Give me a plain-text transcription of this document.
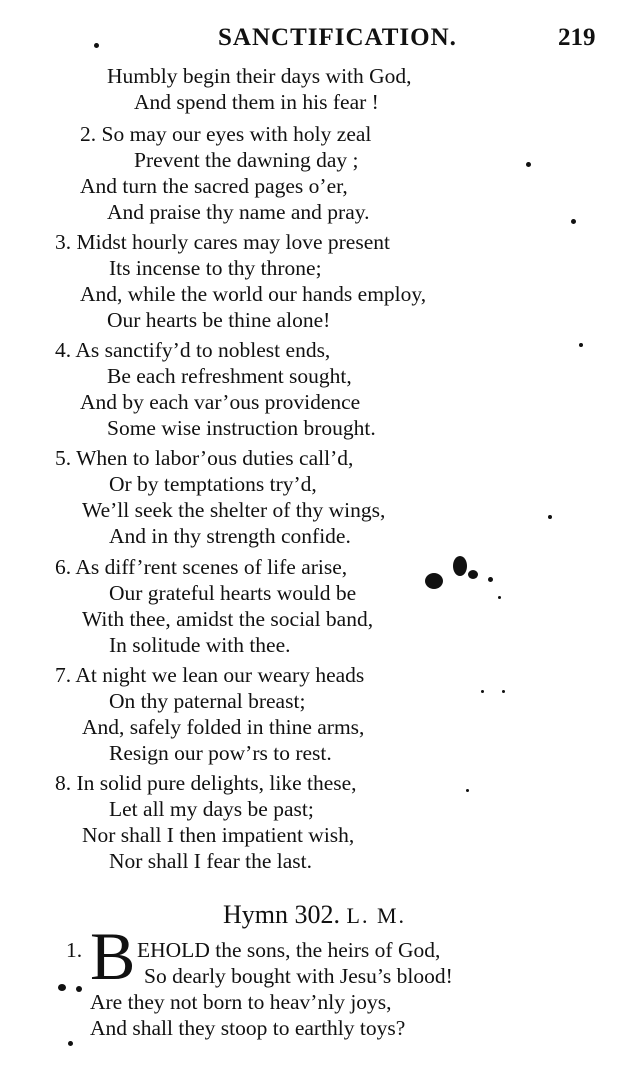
SANCTIFICATION.	219
Humbly begin their days with God,
And spend them in his fear !
2. So may our eyes with holy zeal
Prevent the dawning day ;
And turn the sacred pages o’er,
And praise thy name and pray.
3. Midst hourly cares may love present
Its incense to thy throne;
And, while the world our hands employ,
Our hearts be thine alone!
4. As sanctify’d to noblest ends,
Be each refreshment sought,
And by each var’ous providence
Some wise instruction brought.
5. When to labor’ous duties call’d,
Or by temptations try’d,
We’ll seek the shelter of thy wings,
And in thy strength confide.
6. As diff’rent scenes of life arise,
Our grateful hearts would be
With thee, amidst the social band,
In solitude with thee.
7. At night we lean our weary heads
On thy paternal breast;
And, safely folded in thine arms,
Resign our pow’rs to rest.
8. In solid pure delights, like these,
Let all my days be past;
Nor shall I then impatient wish,
Nor shall I fear the last.
Hymn 302. L. M.
1. B EHOLD the sons, the heirs of God,
So dearly bought with Jesu’s blood!
Are they not born to heav’nly joys,
And shall they stoop to earthly toys?
